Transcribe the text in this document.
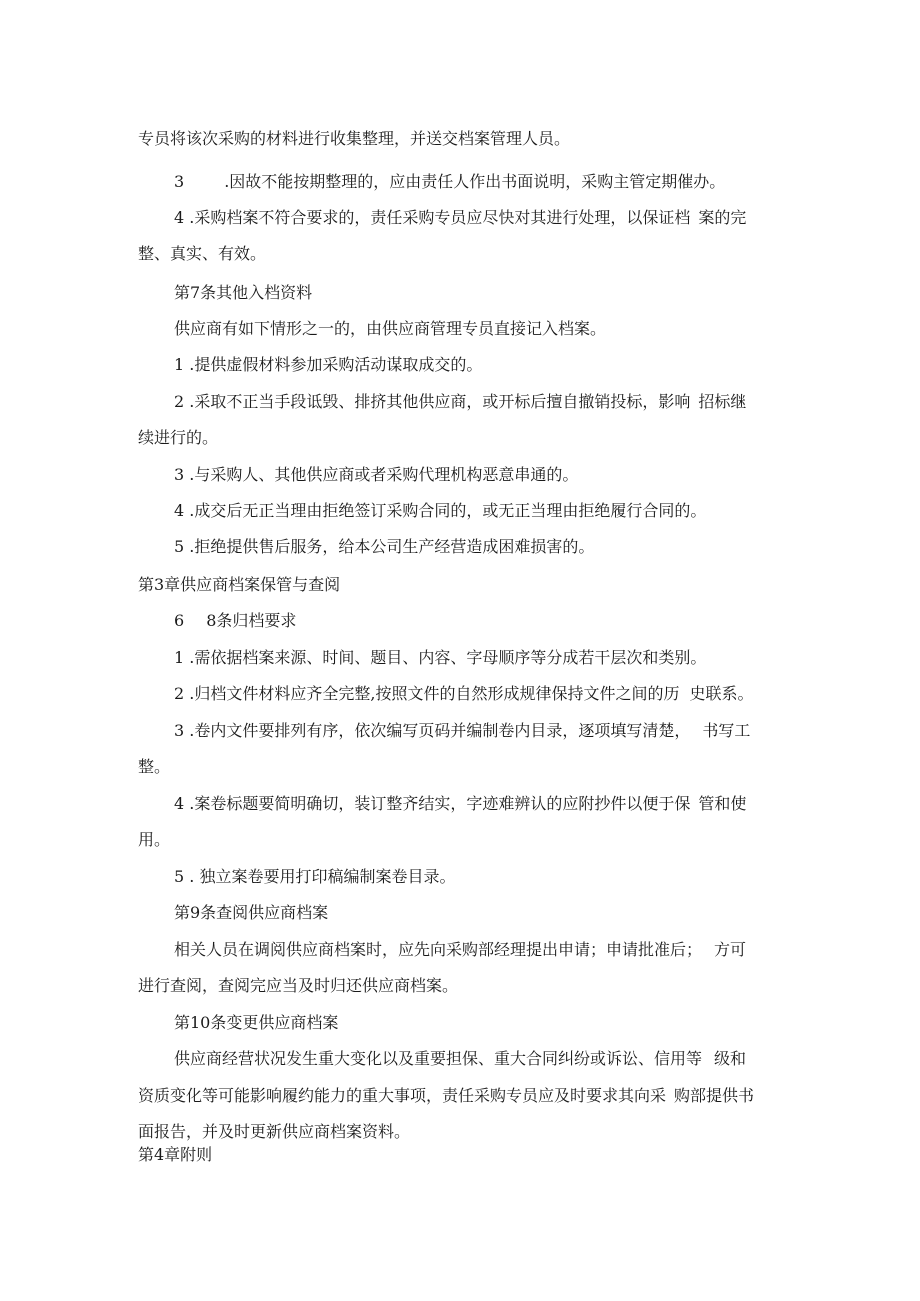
专员将该次采购的材料进行收集整理，并送交档案管理人员。
3	.因故不能按期整理的，应由责任人作出书面说明，采购主管定期催办。
4 .采购档案不符合要求的，责任采购专员应尽快对其进行处理，以保证档 案的完
整、真实、有效。
第7条其他入档资料
供应商有如下情形之一的，由供应商管理专员直接记入档案。
1 .提供虚假材料参加采购活动谋取成交的。
2 .采取不正当手段诋毁、排挤其他供应商，或开标后擅自撤销投标，影响 招标继
续进行的。
3 .与采购人、其他供应商或者采购代理机构恶意串通的。
4 .成交后无正当理由拒绝签订采购合同的，或无正当理由拒绝履行合同的。
5 .拒绝提供售后服务，给本公司生产经营造成困难损害的。
第3章供应商档案保管与查阅
6 8条归档要求
1 .需依据档案来源、时间、题目、内容、字母顺序等分成若干层次和类别。
2 .归档文件材料应齐全完整,按照文件的自然形成规律保持文件之间的历 史联系。
3 .卷内文件要排列有序，依次编写页码并编制卷内目录，逐项填写清楚， 书写工
整。
4 .案卷标题要简明确切，装订整齐结实，字迹难辨认的应附抄件以便于保 管和使
用。
5 . 独立案卷要用打印稿编制案卷目录。
第9条查阅供应商档案
相关人员在调阅供应商档案时，应先向采购部经理提出申请；申请批准后； 方可
进行查阅，查阅完应当及时归还供应商档案。
第10条变更供应商档案
供应商经营状况发生重大变化以及重要担保、重大合同纠纷或诉讼、信用等 级和
资质变化等可能影响履约能力的重大事项，责任采购专员应及时要求其向采 购部提供书
面报告，并及时更新供应商档案资料。
第4章附则
